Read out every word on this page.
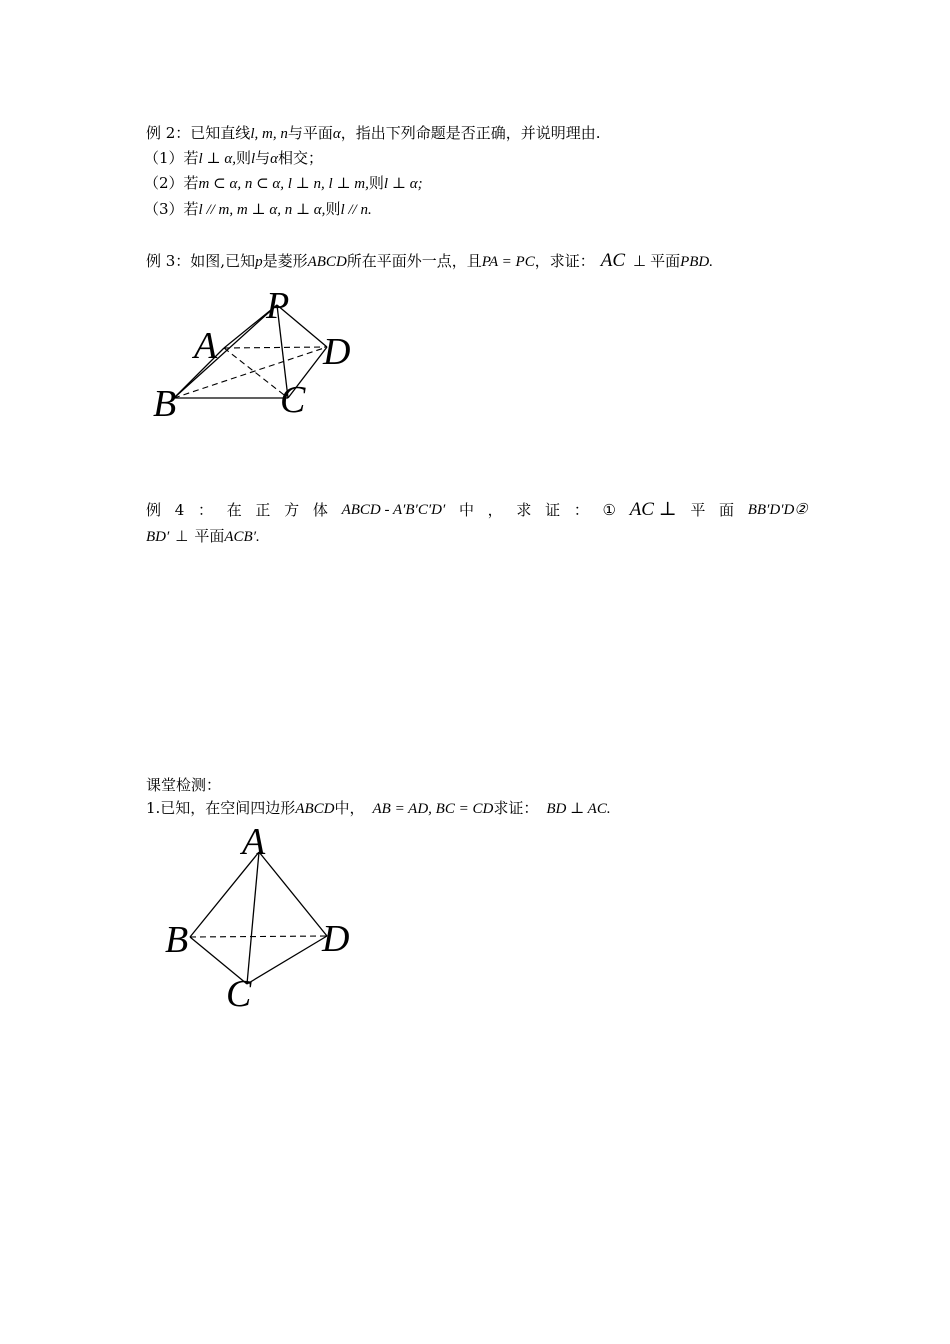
例 2：已知直线l, m, n与平面α，指出下列命题是否正确，并说明理由.
（1）若l ⊥ α,则l与α相交；
（2）若m ⊂ α, n ⊂ α, l ⊥ n, l ⊥ m,则l ⊥ α;
（3）若l // m, m ⊥ α, n ⊥ α,则l // n.
例 3：如图,已知p是菱形ABCD所在平面外一点，且PA = PC，求证： AC ⊥ 平面PBD.
P
A	D
B	C
A
B	D
C
例 4 ： 在 正 方 体 ABCD - A′B′C′D′ 中 ， 求 证 ： ① AC ⊥ 平 面 BB′D′D②
BD′ ⊥ 平面ACB′.
课堂检测：
1.已知，在空间四边形ABCD中， AB = AD, BC = CD求证： BD ⊥ AC.
